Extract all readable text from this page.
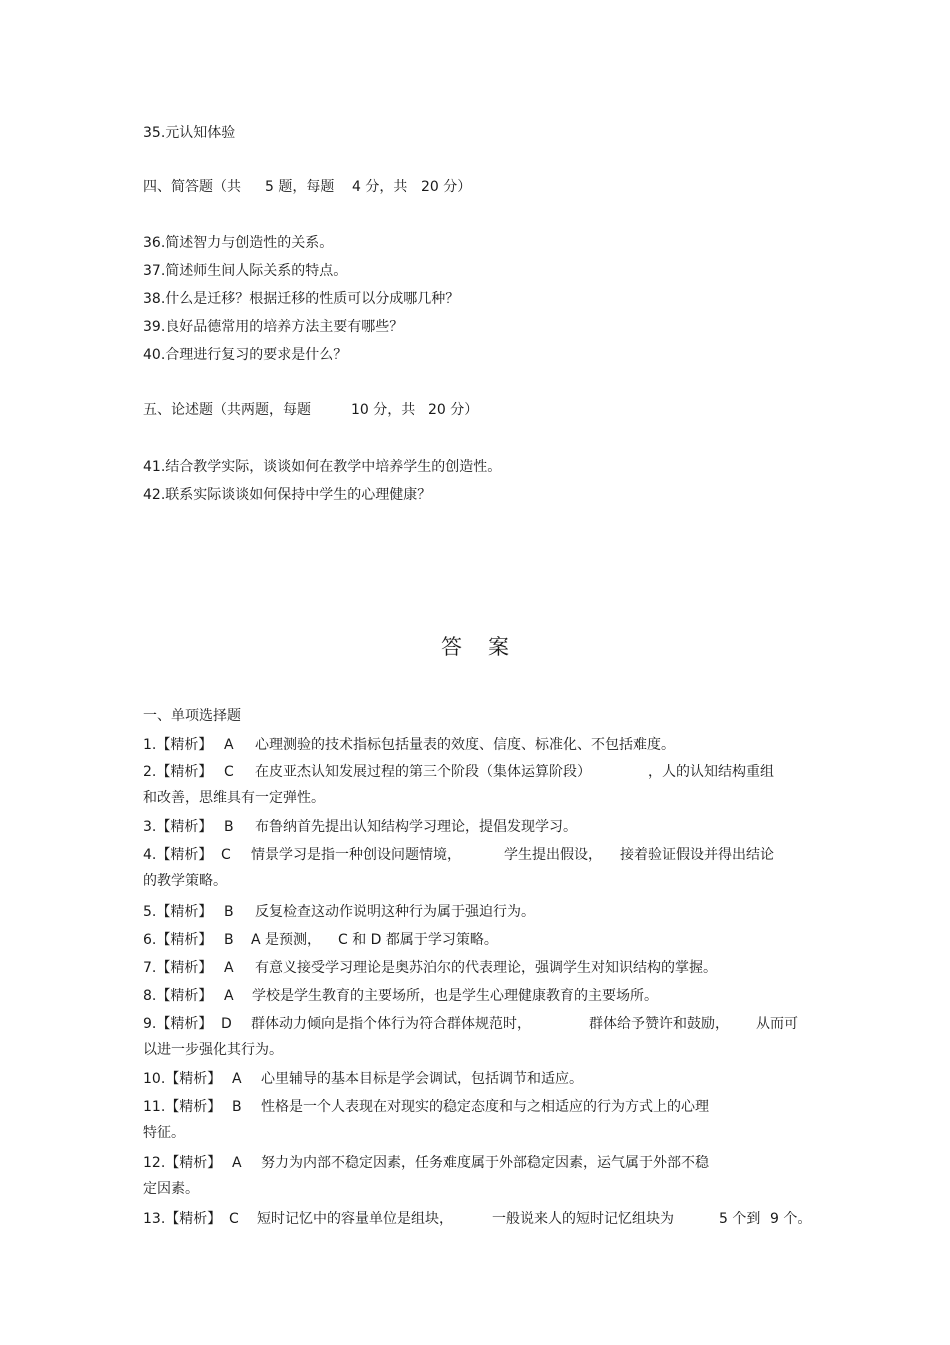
35.元认知体验
四、简答题（共 5 题，每题 4 分，共 20 分）
36.简述智力与创造性的关系。
37.简述师生间人际关系的特点。
38.什么是迁移？根据迁移的性质可以分成哪几种？
39.良好品德常用的培养方法主要有哪些？
40.合理进行复习的要求是什么？
五、论述题（共两题，每题	10 分，共 20 分）
41.结合教学实际，谈谈如何在教学中培养学生的创造性。
42.联系实际谈谈如何保持中学生的心理健康？
答案
一、单项选择题
1.【精析】 A 心理测验的技术指标包括量表的效度、信度、标准化、不包括难度。
2.【精析】 C 在皮亚杰认知发展过程的第三个阶段（集体运算阶段）	，人的认知结构重组
和改善，思维具有一定弹性。
3.【精析】 B 布鲁纳首先提出认知结构学习理论，提倡发现学习。
4.【精析】 C 情景学习是指一种创设问题情境，	学生提出假设， 接着验证假设并得出结论
的教学策略。
5.【精析】 B 反复检查这动作说明这种行为属于强迫行为。
6.【精析】 B A 是预测， C 和 D 都属于学习策略。
7.【精析】 A 有意义接受学习理论是奥苏泊尔的代表理论，强调学生对知识结构的掌握。
8.【精析】 A 学校是学生教育的主要场所，也是学生心理健康教育的主要场所。
9.【精析】 D 群体动力倾向是指个体行为符合群体规范时，	群体给予赞许和鼓励， 从而可
以进一步强化其行为。
10.【精析】 A 心里辅导的基本目标是学会调试，包括调节和适应。
11.【精析】 B 性格是一个人表现在对现实的稳定态度和与之相适应的行为方式上的心理
特征。
12.【精析】 A 努力为内部不稳定因素，任务难度属于外部稳定因素，运气属于外部不稳
定因素。
13.【精析】 C 短时记忆中的容量单位是组块，	一般说来人的短时记忆组块为	5 个到 9 个。
